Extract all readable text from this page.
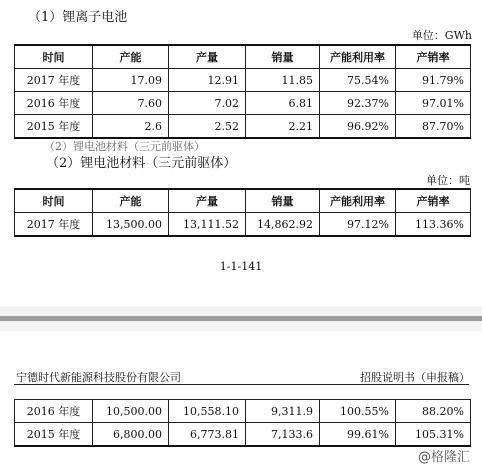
（1）锂离子电池
单位：GWh
时间	产能	产量	销量	产能利用率	产销率
2017 年度	17.09	12.91	11.85	75.54%	91.79%
2016 年度	7.60	7.02	6.81	92.37%	97.01%
2015 年度	2.6	2.52	2.21	96.92%	87.70%
（2）锂电池材料（三元前驱体）
（2）锂电池材料（三元前驱体）
单位：吨
时间	产能	产量	销量	产能利用率	产销率
2017 年度	13,500.00	13,111.52	14,862.92	97.12%	113.36%
1-1-141
宁德时代新能源科技股份有限公司	招股说明书（申报稿）
2016 年度	10,500.00	10,558.10	9,311.9	100.55%	88.20%
2015 年度	6,800.00	6,773.81	7,133.6	99.61%	105.31%
@格隆汇
